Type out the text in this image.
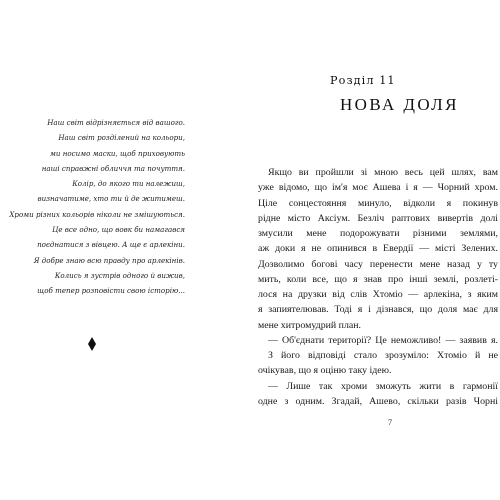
Наш світ відрізняється від вашого.
Наш світ розділений на кольори,
ми носимо маски, щоб приховують
наші справжні обличчя та почуття.
Колір, до якого ти належиш,
визначатиме, хто ти й де житимеш.
Хроми різних кольорів ніколи не змішуються.
Це все одно, що вовк би намагався
поєднатися з вівцею. А ще є арлекіни.
Я добре знаю всю правду про арлекінів.
Колись я зустрів одного й вижив,
щоб тепер розповісти свою історію...
Розділ 11
НОВА ДОЛЯ
Якщо ви пройшли зі мною весь цей шлях, вам
уже відомо, що ім'я моє Ашева і я — Чорний хром.
Ціле сонцестояння минуло, відколи я покинув
рідне місто Аксіум. Безліч раптових вивертів долі
змусили мене подорожувати різними землями,
аж доки я не опинився в Евердії — місті Зелених.
Дозволимо богові часу перенести мене назад у ту
мить, коли все, що я знав про інші землі, розлеті-
лося на друзки від слів Хтоміо — арлекіна, з яким
я запиятелював. Тоді я і дізнався, що доля має для
мене хитромудрий план.
— Об'єднати території? Це неможливо! — заявив я.
З його відповіді стало зрозуміло: Хтоміо й не
очікував, що я оціню таку ідею.
— Лише так хроми зможуть жити в гармонії
одне з одним. Згадай, Ашево, скільки разів Чорні
7
